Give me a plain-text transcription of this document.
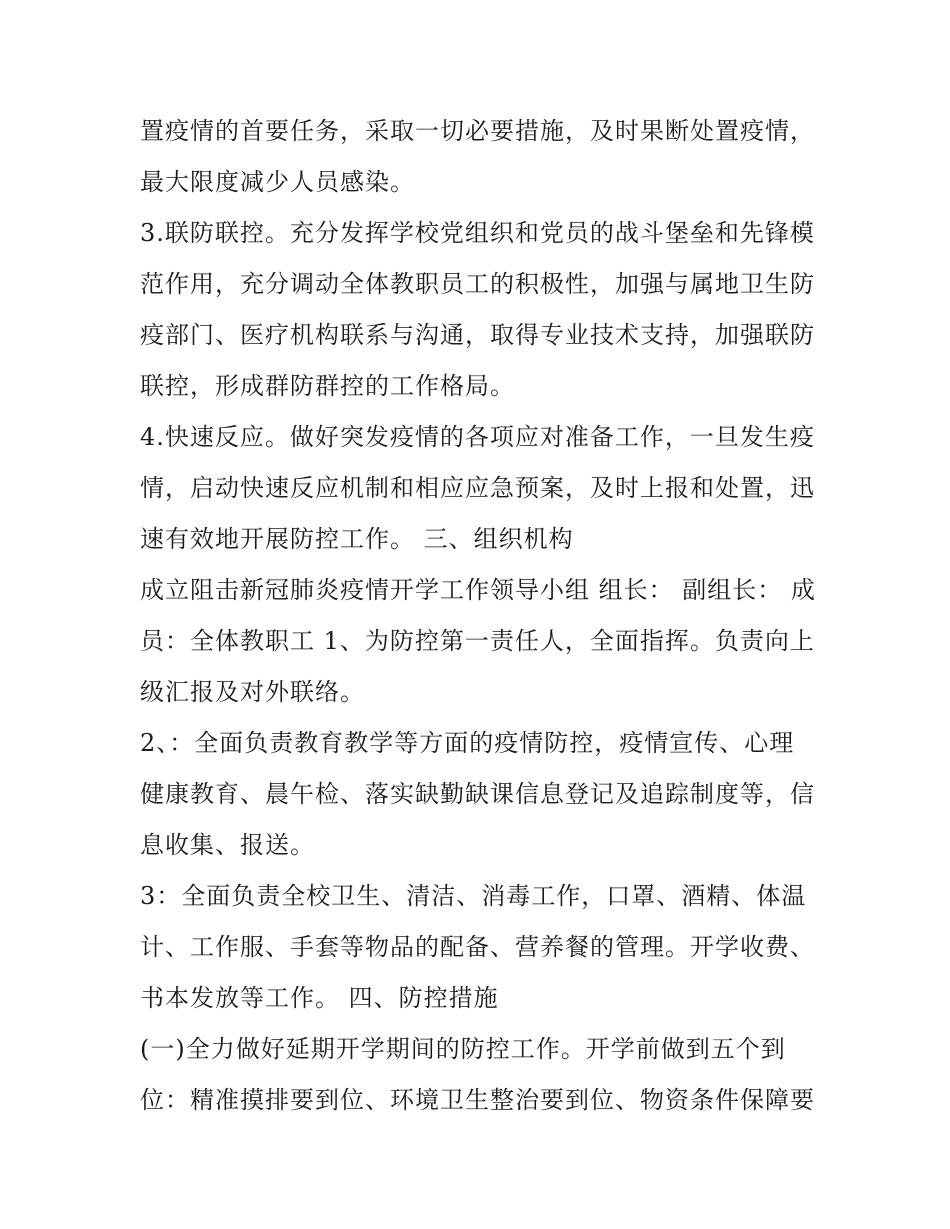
置疫情的首要任务，采取一切必要措施，及时果断处置疫情，
最大限度减少人员感染。
3.联防联控。充分发挥学校党组织和党员的战斗堡垒和先锋模
范作用，充分调动全体教职员工的积极性，加强与属地卫生防
疫部门、医疗机构联系与沟通，取得专业技术支持，加强联防
联控，形成群防群控的工作格局。
4.快速反应。做好突发疫情的各项应对准备工作，一旦发生疫
情，启动快速反应机制和相应应急预案，及时上报和处置，迅
速有效地开展防控工作。 三、组织机构
成立阻击新冠肺炎疫情开学工作领导小组 组长： 副组长： 成
员：全体教职工 1、为防控第一责任人，全面指挥。负责向上
级汇报及对外联络。
2、：全面负责教育教学等方面的疫情防控，疫情宣传、心理
健康教育、晨午检、落实缺勤缺课信息登记及追踪制度等，信
息收集、报送。
3：全面负责全校卫生、清洁、消毒工作，口罩、酒精、体温
计、工作服、手套等物品的配备、营养餐的管理。开学收费、
书本发放等工作。 四、防控措施
(一)全力做好延期开学期间的防控工作。开学前做到五个到
位：精准摸排要到位、环境卫生整治要到位、物资条件保障要
